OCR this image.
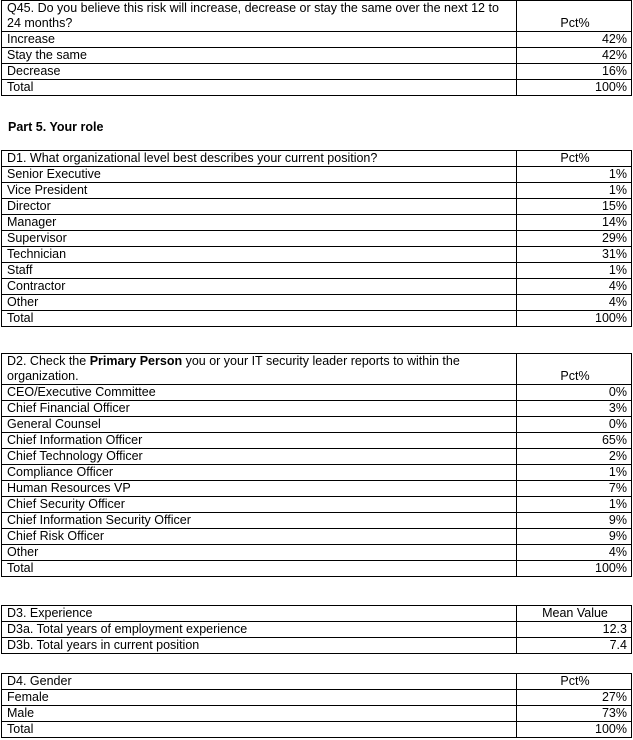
Q45. Do you believe this risk will increase, decrease or stay the same over the next 12 to 24 months?	Pct%
Increase	42%
Stay the same	42%
Decrease	16%
Total	100%
Part 5. Your role
D1. What organizational level best describes your current position?	Pct%
Senior Executive	1%
Vice President	1%
Director	15%
Manager	14%
Supervisor	29%
Technician	31%
Staff	1%
Contractor	4%
Other	4%
Total	100%
D2. Check the Primary Person you or your IT security leader reports to within the organization.	Pct%
CEO/Executive Committee	0%
Chief Financial Officer	3%
General Counsel	0%
Chief Information Officer	65%
Chief Technology Officer	2%
Compliance Officer	1%
Human Resources VP	7%
Chief Security Officer	1%
Chief Information Security Officer	9%
Chief Risk Officer	9%
Other	4%
Total	100%
D3. Experience	Mean Value
D3a. Total years of employment experience	12.3
D3b. Total years in current position	7.4
D4. Gender	Pct%
Female	27%
Male	73%
Total	100%
